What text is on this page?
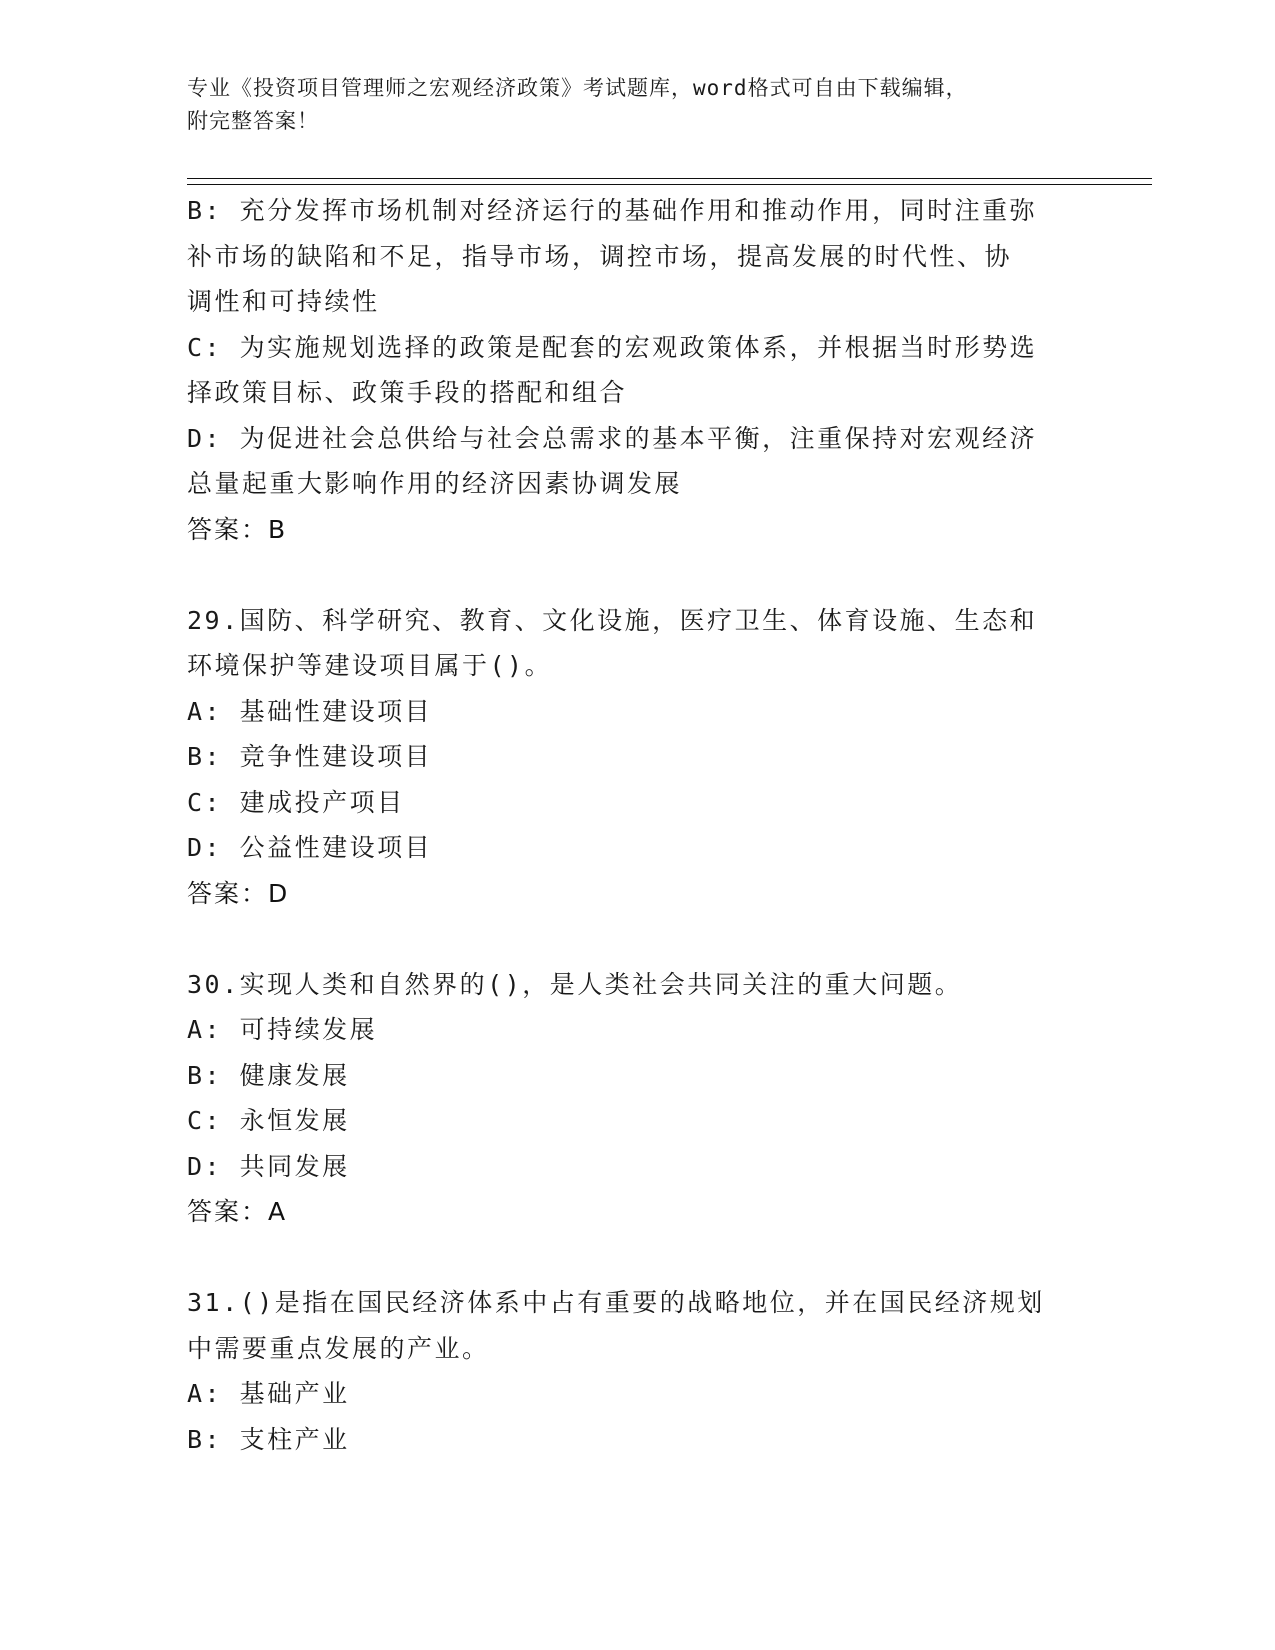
专业《投资项目管理师之宏观经济政策》考试题库，word格式可自由下载编辑，
附完整答案！
B: 充分发挥市场机制对经济运行的基础作用和推动作用，同时注重弥
补市场的缺陷和不足，指导市场，调控市场，提高发展的时代性、协
调性和可持续性
C: 为实施规划选择的政策是配套的宏观政策体系，并根据当时形势选
择政策目标、政策手段的搭配和组合
D: 为促进社会总供给与社会总需求的基本平衡，注重保持对宏观经济
总量起重大影响作用的经济因素协调发展
答案：B
29.国防、科学研究、教育、文化设施，医疗卫生、体育设施、生态和
环境保护等建设项目属于()。
A: 基础性建设项目
B: 竞争性建设项目
C: 建成投产项目
D: 公益性建设项目
答案：D
30.实现人类和自然界的()，是人类社会共同关注的重大问题。
A: 可持续发展
B: 健康发展
C: 永恒发展
D: 共同发展
答案：A
31.()是指在国民经济体系中占有重要的战略地位，并在国民经济规划
中需要重点发展的产业。
A: 基础产业
B: 支柱产业
